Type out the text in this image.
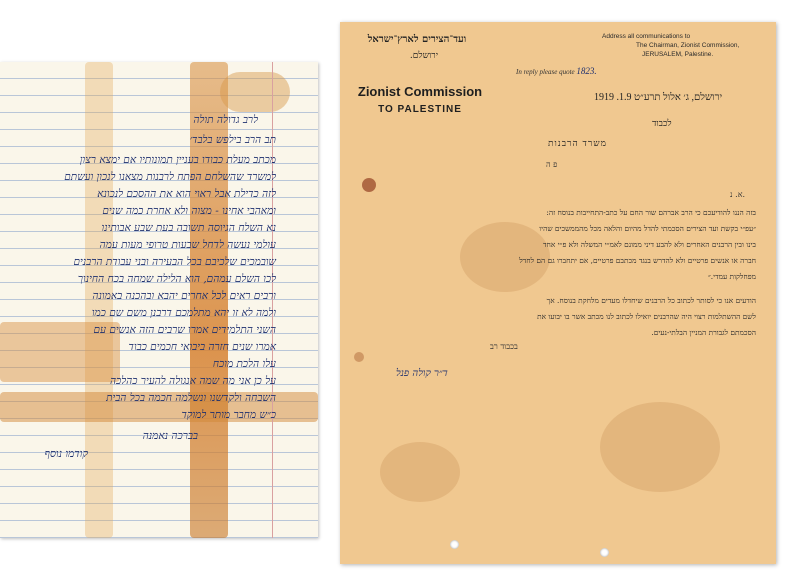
לרב גדולה תולה
תב הרב בילפש בלבד׳
מכתב מעלת כבודו בעניין תמונותיו אם ימצא רצון
למשרד שהשלחם הפתח לרבנות מצאנו לנכון ועשתם
לזה כדילת אבל ראוי הוא את ההסכם לנכונא
ומאהבי אחינו - מצוה ולא אחרת כמה שנים
נא השלח הגיוסה תשובה בעת שבע אבותינו
עולמי נעשה לדחל שבעות טרופי מעות עמה
שובמכים שלכיבם בכל הבעירה ובני עבודת הרבנים
לכו השלם עמהם, הוא הלילה שמחה בכח החינוך
ורבים ראים לכל אחרים יהבא ובהכנה באמונה
ולמה לא זו יהא מתלמכם דרבנן משם שם כמו
השני התלמידים אמרו שרבים הזה אנשים עם
אמרו שנים חזרה ביבואי חכמים כבוד
עלו הלכת מוכח
על כן אני מה שמה אנגולה להעיר כהלכה
השבחה ולקדשנו ונשלמה חכמה בכל הבית
כ״ש מחבר מותר למוקד
בברכה נאמנה
קודמו נוסף
ועד־הצירים לארץ־ישראל
ירושלם.
Zionist Commission
TO PALESTINE
In reply please quote 1823.
Address all communications to
The Chairman, Zionist Commission,
JERUSALEM, Palestine.
ירושלם, ג׳ אלול תרע״ט 1.9. 1919
לכבוד
משרד הרבנות
פ ה
א. נ.
בזה הננו להודיעכם כי הרב אברהם שור החם על כתב-התחייבות בנוסח זה:
״עפ״י בקשת ועד הצירים הסכמתי להדל מהיום והלאה מכל מהממשכים שהיו
בינו ובין הרבנים האחרים ולא להבע דיני ממונם לאמ״י המשלה ולא פ״י אחד
חברה או אנשים פרטיים ולא להדרש בנגד מכתבם פרטיים, אם יתחברו גם הם לחדל
מפחלקות עמדי.״
הודעים אנו כי לסותר לכתוב כל הרבנים שיחדלו מעדים מלחקת בנוסח. אך
לשם ההשתלמות רצוי היה שהרבנים יואילו לכתוב לנו מכתב אשר בו יבועו את
הסכמתם לגבורת המניין הבלתי-נעים.
בכבוד רב
ד״ר קולה פנל
